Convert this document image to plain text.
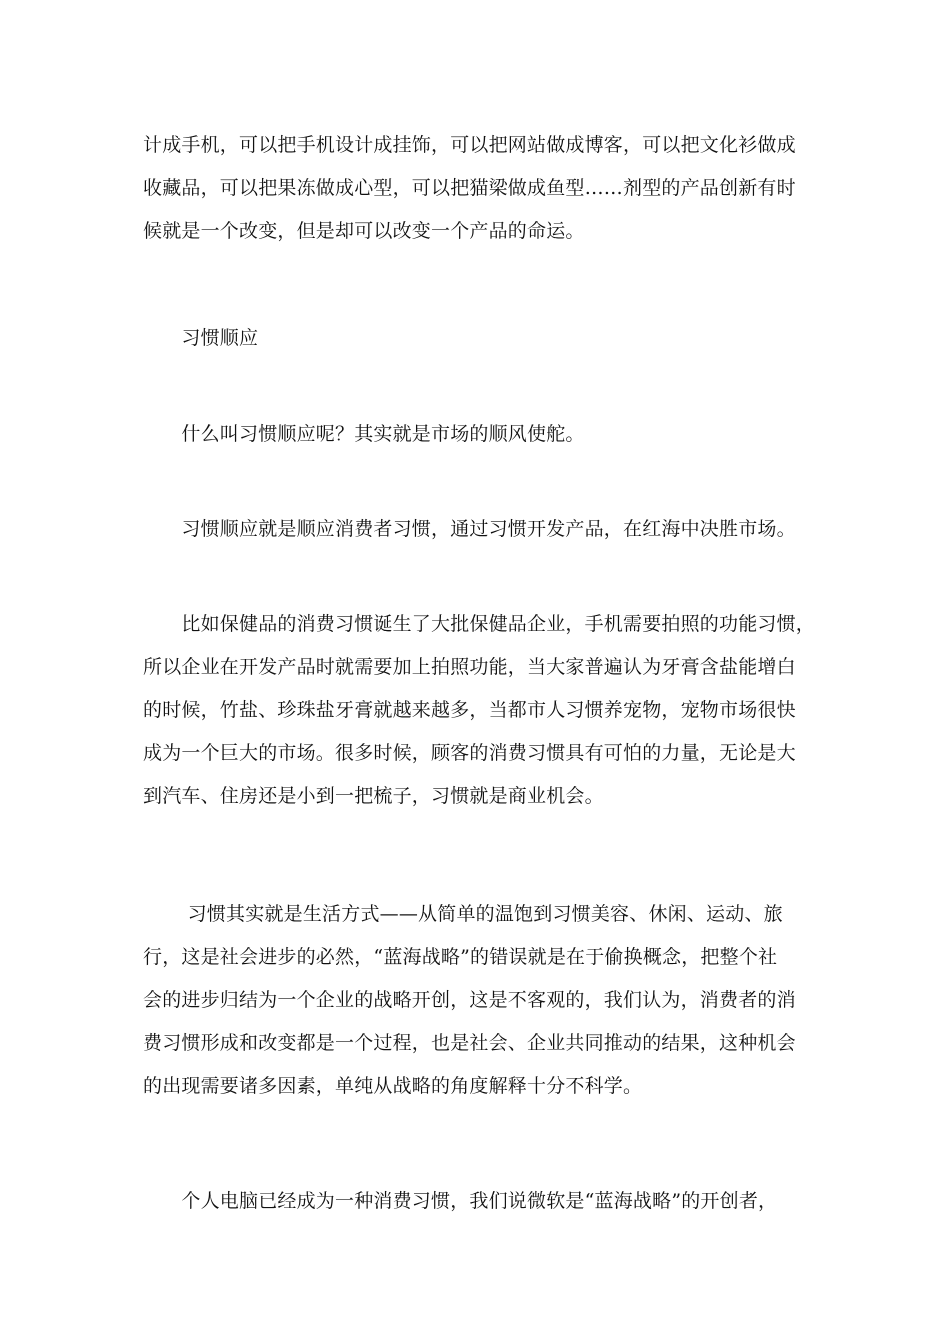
计成手机，可以把手机设计成挂饰，可以把网站做成博客，可以把文化衫做成
收藏品，可以把果冻做成心型，可以把猫梁做成鱼型……剂型的产品创新有时
候就是一个改变，但是却可以改变一个产品的命运。

　　习惯顺应

　　什么叫习惯顺应呢？其实就是市场的顺风使舵。

　　习惯顺应就是顺应消费者习惯，通过习惯开发产品，在红海中决胜市场。

　　比如保健品的消费习惯诞生了大批保健品企业，手机需要拍照的功能习惯，
所以企业在开发产品时就需要加上拍照功能，当大家普遍认为牙膏含盐能增白
的时候，竹盐、珍珠盐牙膏就越来越多，当都市人习惯养宠物，宠物市场很快
成为一个巨大的市场。很多时候，顾客的消费习惯具有可怕的力量，无论是大
到汽车、住房还是小到一把梳子，习惯就是商业机会。

　　 习惯其实就是生活方式——从简单的温饱到习惯美容、休闲、运动、旅
行，这是社会进步的必然，“蓝海战略”的错误就是在于偷换概念，把整个社
会的进步归结为一个企业的战略开创，这是不客观的，我们认为，消费者的消
费习惯形成和改变都是一个过程，也是社会、企业共同推动的结果，这种机会
的出现需要诸多因素，单纯从战略的角度解释十分不科学。

　　个人电脑已经成为一种消费习惯，我们说微软是“蓝海战略”的开创者，
